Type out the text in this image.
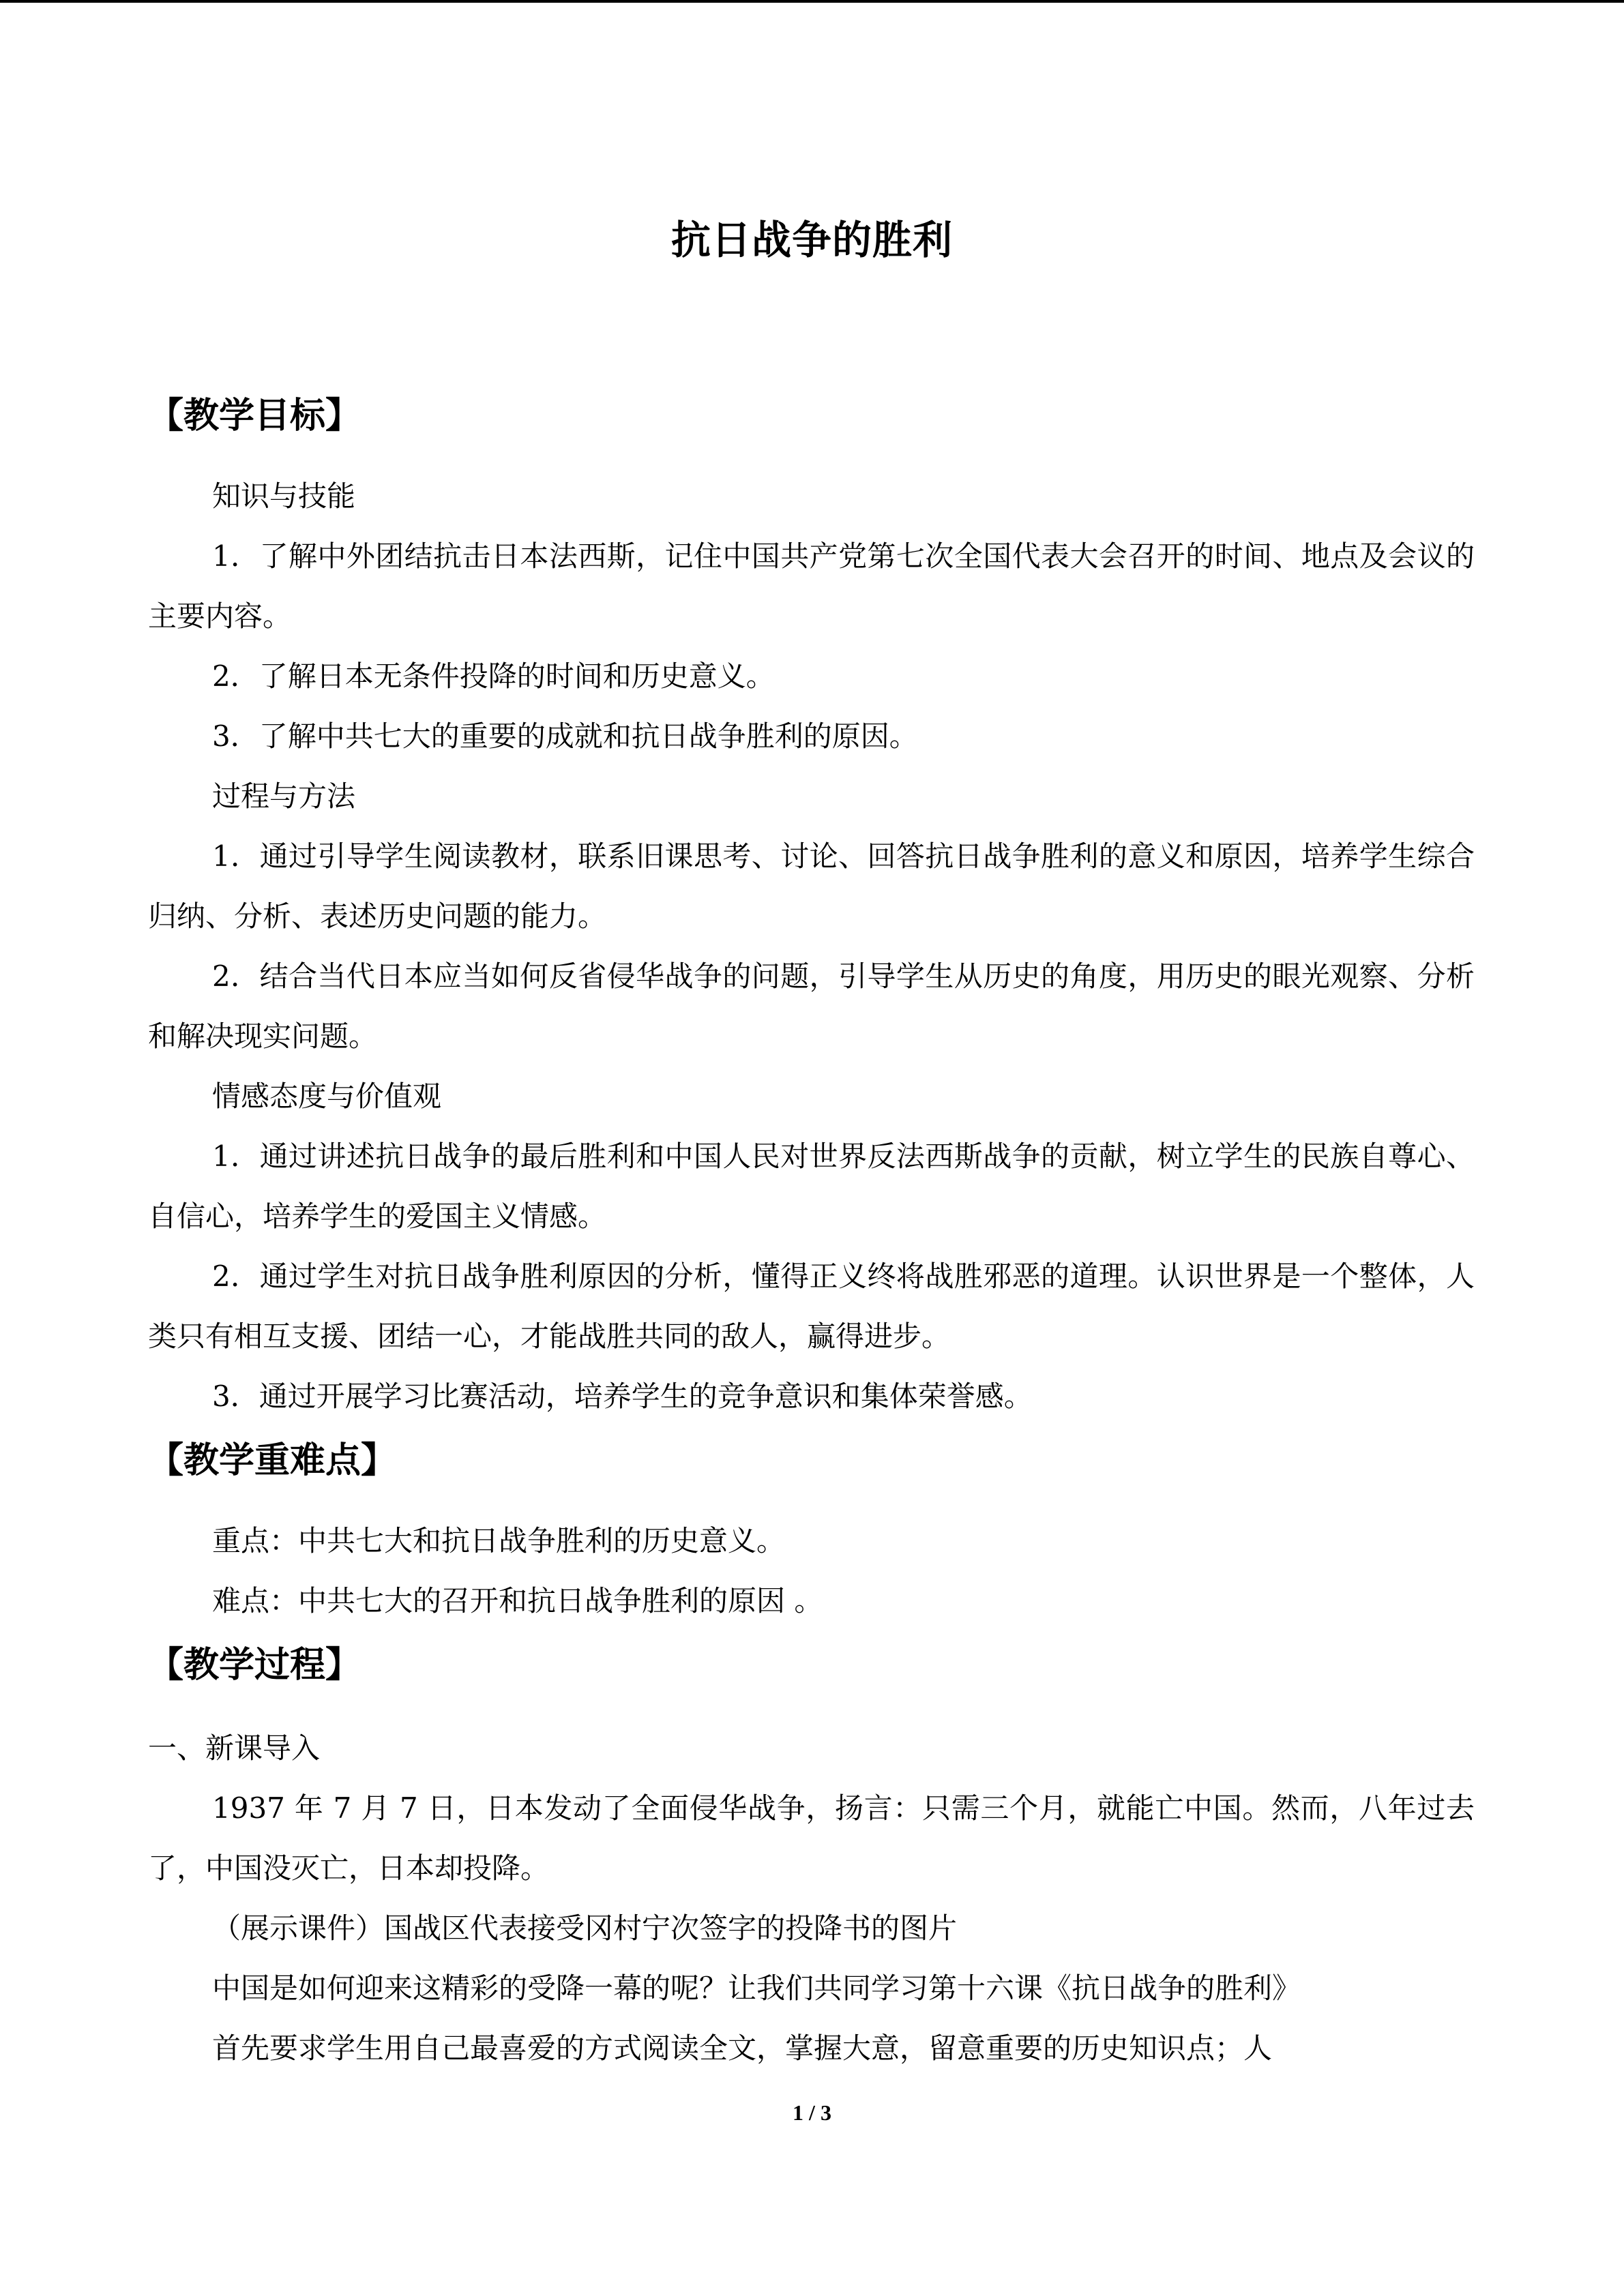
抗日战争的胜利
【教学目标】
知识与技能
1．了解中外团结抗击日本法西斯，记住中国共产党第七次全国代表大会召开的时间、地点及会议的主要内容。
2．了解日本无条件投降的时间和历史意义。
3．了解中共七大的重要的成就和抗日战争胜利的原因。
过程与方法
1．通过引导学生阅读教材，联系旧课思考、讨论、回答抗日战争胜利的意义和原因，培养学生综合归纳、分析、表述历史问题的能力。
2．结合当代日本应当如何反省侵华战争的问题，引导学生从历史的角度，用历史的眼光观察、分析和解决现实问题。
情感态度与价值观
1．通过讲述抗日战争的最后胜利和中国人民对世界反法西斯战争的贡献，树立学生的民族自尊心、自信心，培养学生的爱国主义情感。
2．通过学生对抗日战争胜利原因的分析，懂得正义终将战胜邪恶的道理。认识世界是一个整体，人类只有相互支援、团结一心，才能战胜共同的敌人，赢得进步。
3．通过开展学习比赛活动，培养学生的竞争意识和集体荣誉感。
【教学重难点】
重点：中共七大和抗日战争胜利的历史意义。
难点：中共七大的召开和抗日战争胜利的原因 。
【教学过程】
一、新课导入
1937 年 7 月 7 日，日本发动了全面侵华战争，扬言：只需三个月，就能亡中国。然而，八年过去了，中国没灭亡，日本却投降。
（展示课件）国战区代表接受冈村宁次签字的投降书的图片
中国是如何迎来这精彩的受降一幕的呢？让我们共同学习第十六课《抗日战争的胜利》
首先要求学生用自己最喜爱的方式阅读全文，掌握大意，留意重要的历史知识点；人
1 / 3
